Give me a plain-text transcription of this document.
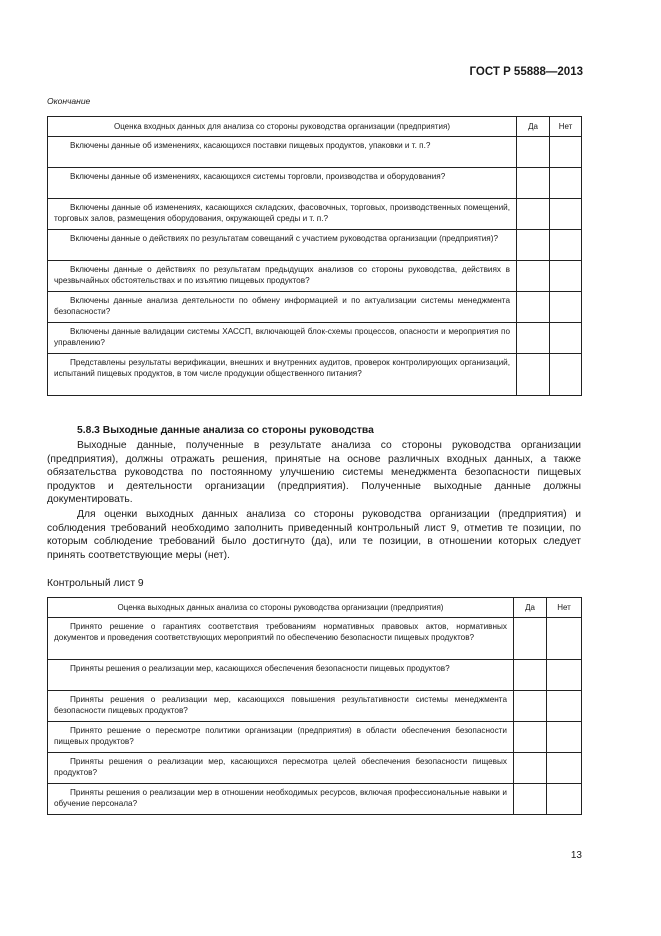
ГОСТ Р 55888—2013
Окончание
Оценка входных данных для анализа со стороны руководства организации (предприятия)	Да	Нет

Включены данные об изменениях, касающихся поставки пищевых продуктов, упаковки и т. п.?		

Включены данные об изменениях, касающихся системы торговли, производства и оборудования?		

Включены данные об изменениях, касающихся складских, фасовочных, торговых, производственных помещений, торговых залов, размещения оборудования, окружающей среды и т. п.?		

Включены данные о действиях по результатам совещаний с участием руководства организации (предприятия)?		

Включены данные о действиях по результатам предыдущих анализов со стороны руководства, действиях в чрезвычайных обстоятельствах и по изъятию пищевых продуктов?		

Включены данные анализа деятельности по обмену информацией и по актуализации системы менеджмента безопасности?		

Включены данные валидации системы ХАССП, включающей блок-схемы процессов, опасности и мероприятия по управлению?		

Представлены результаты верификации, внешних и внутренних аудитов, проверок контролирующих организаций, испытаний пищевых продуктов, в том числе продукции общественного питания?		

5.8.3 Выходные данные анализа со стороны руководства
Выходные данные, полученные в результате анализа со стороны руководства организации (предприятия), должны отражать решения, принятые на основе различных входных данных, а также обязательства руководства по постоянному улучшению системы менеджмента безопасности пищевых продуктов и деятельности организации (предприятия). Полученные выходные данные должны документировать.
Для оценки выходных данных анализа со стороны руководства организации (предприятия) и соблюдения требований необходимо заполнить приведенный контрольный лист 9, отметив те позиции, по которым соблюдение требований было достигнуто (да), или те позиции, в отношении которых следует принять соответствующие меры (нет).
Контрольный лист 9
Оценка выходных данных анализа со стороны руководства организации (предприятия)	Да	Нет

Принято решение о гарантиях соответствия требованиям нормативных правовых актов, нормативных документов и проведения соответствующих мероприятий по обеспечению безопасности пищевых продуктов?		

Приняты решения о реализации мер, касающихся обеспечения безопасности пищевых продуктов?		

Приняты решения о реализации мер, касающихся повышения результативности системы менеджмента безопасности пищевых продуктов?		

Принято решение о пересмотре политики организации (предприятия) в области обеспечения безопасности пищевых продуктов?		

Приняты решения о реализации мер, касающихся пересмотра целей обеспечения безопасности пищевых продуктов?		

Приняты решения о реализации мер в отношении необходимых ресурсов, включая профессиональные навыки и обучение персонала?		

13
